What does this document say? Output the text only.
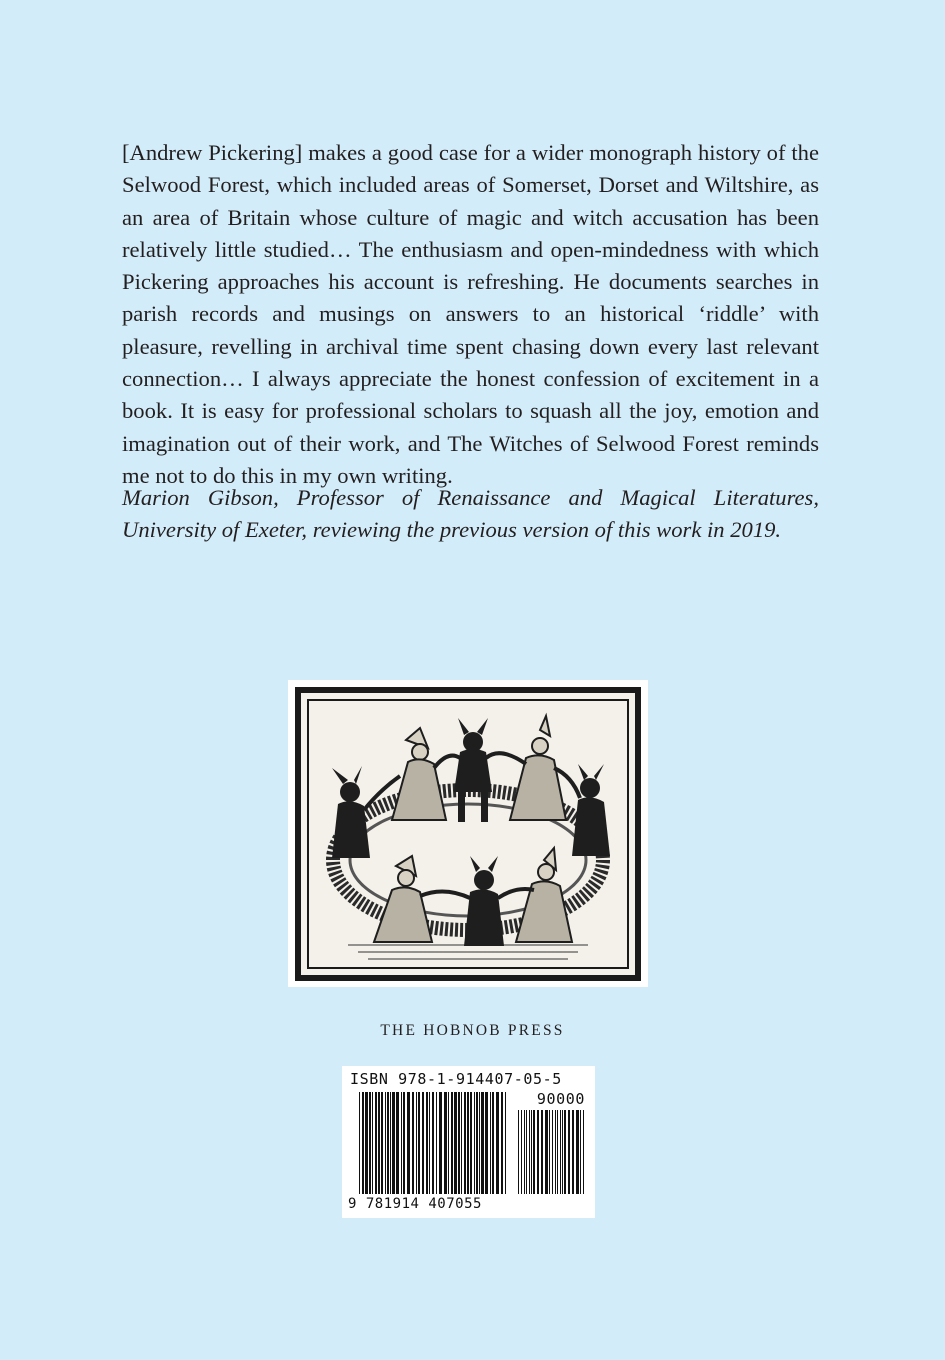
[Andrew Pickering] makes a good case for a wider monograph history of the Selwood Forest, which included areas of Somerset, Dorset and Wiltshire, as an area of Britain whose culture of magic and witch accusation has been relatively little studied… The enthusiasm and open-mindedness with which Pickering approaches his account is refreshing. He documents searches in parish records and musings on answers to an historical ‘riddle’ with pleasure, revelling in archival time spent chasing down every last relevant connection… I always appreciate the honest confession of excitement in a book. It is easy for professional scholars to squash all the joy, emotion and imagination out of their work, and The Witches of Selwood Forest reminds me not to do this in my own writing.

Marion Gibson, Professor of Renaissance and Magical Literatures, University of Exeter, reviewing the previous version of this work in 2019.

THE HOBNOB PRESS

ISBN 978-1-914407-05-5
90000
9 781914 407055
